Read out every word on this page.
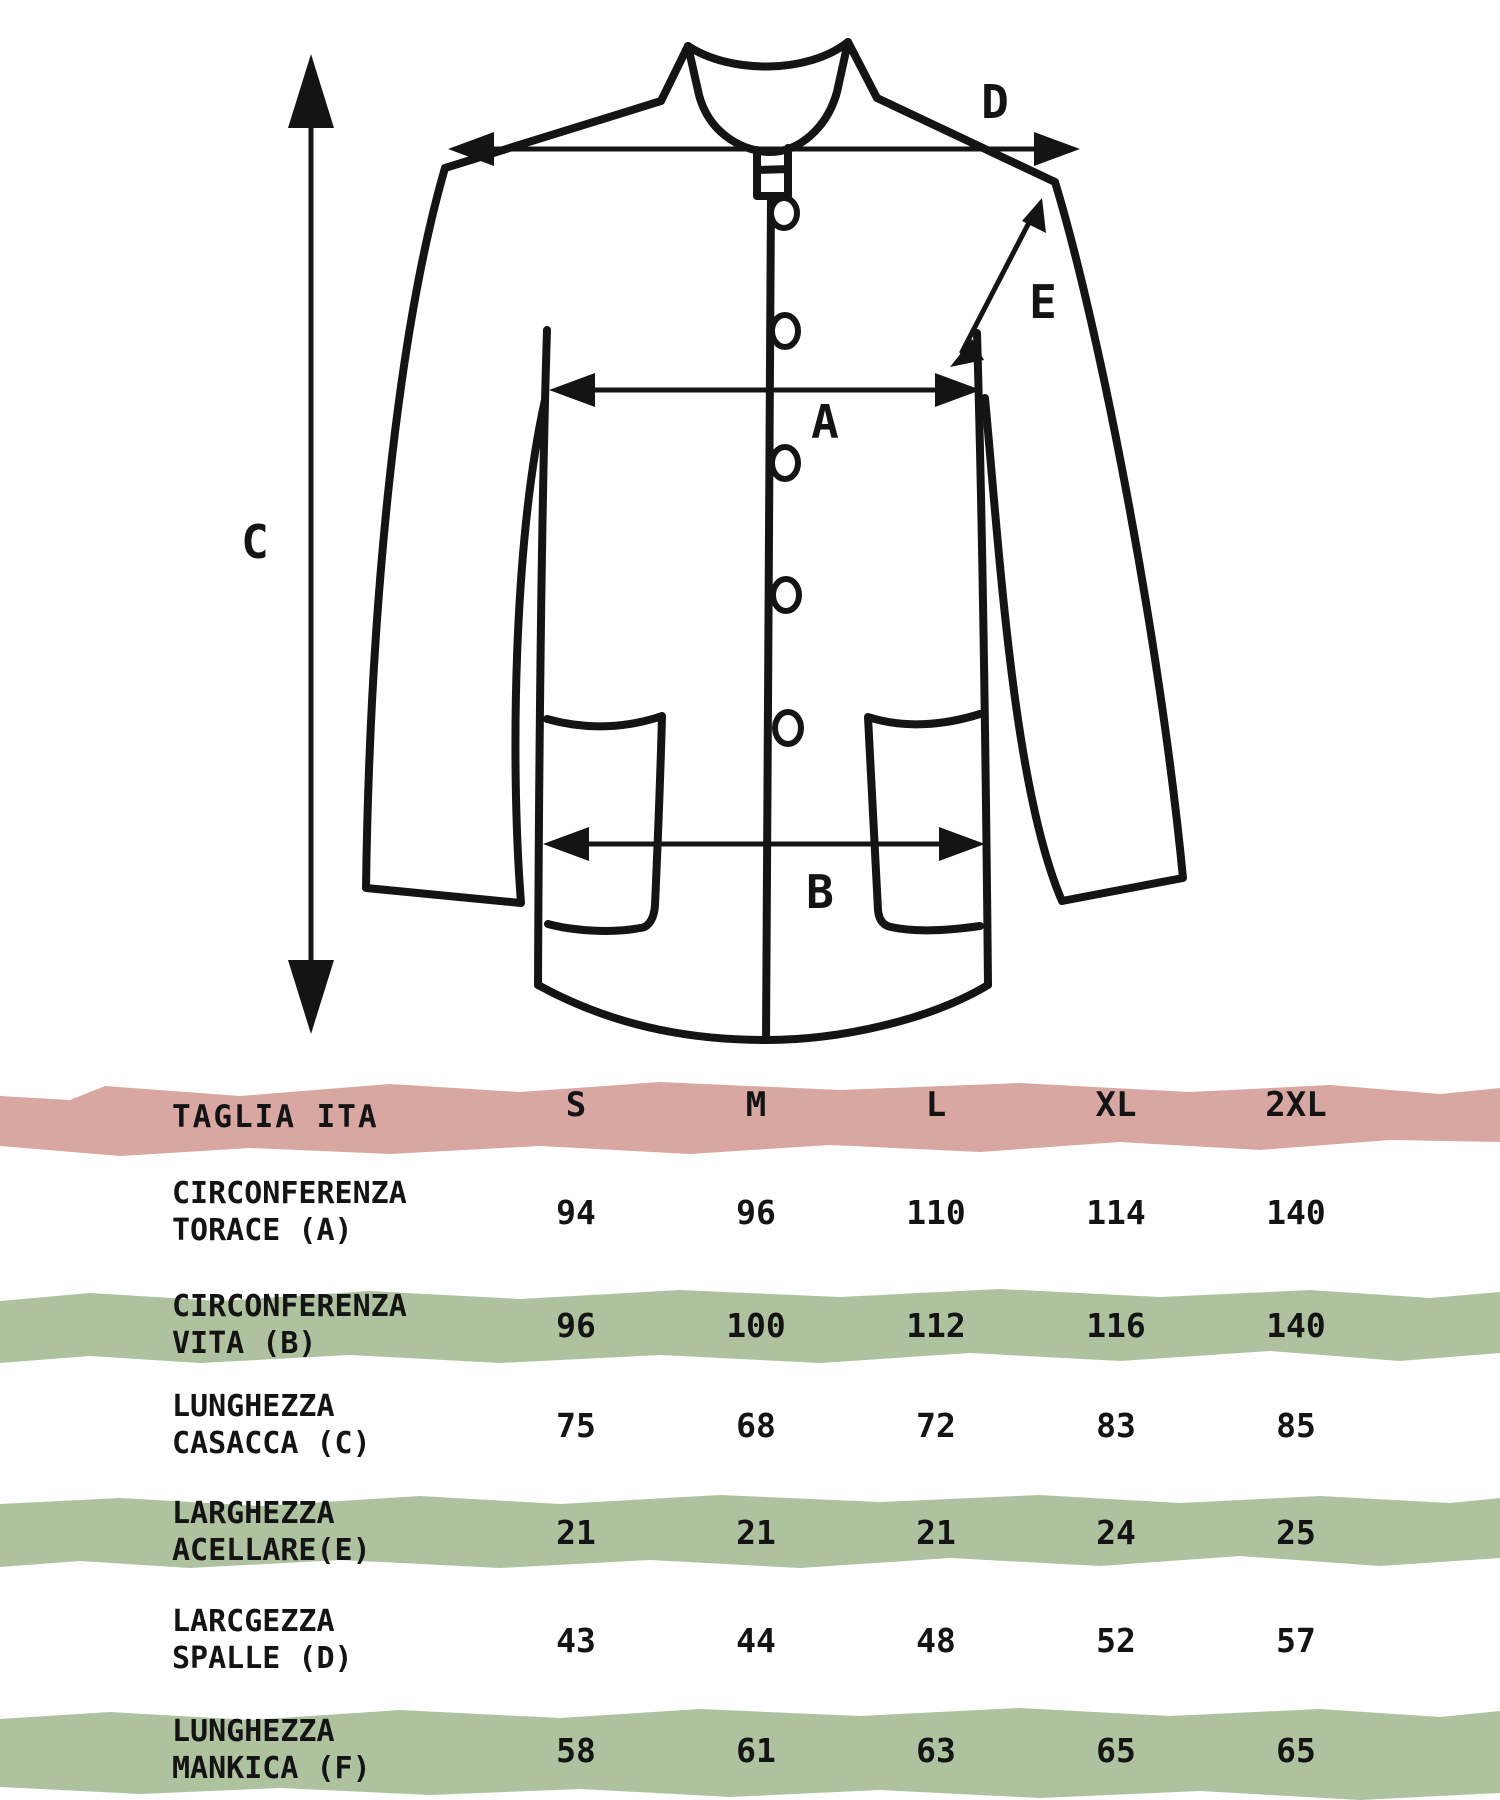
A
B
C
D
E
TAGLIA ITA	S	M	L	XL	2XL
CIRCONFERENZA
TORACE (A)	94	96	110	114	140
CIRCONFERENZA
VITA (B)	96	100	112	116	140
LUNGHEZZA
CASACCA (C)	75	68	72	83	85
LARGHEZZA
ACELLARE(E)	21	21	21	24	25
LARCGEZZA
SPALLE (D)	43	44	48	52	57
LUNGHEZZA
MANKICA (F)	58	61	63	65	65
